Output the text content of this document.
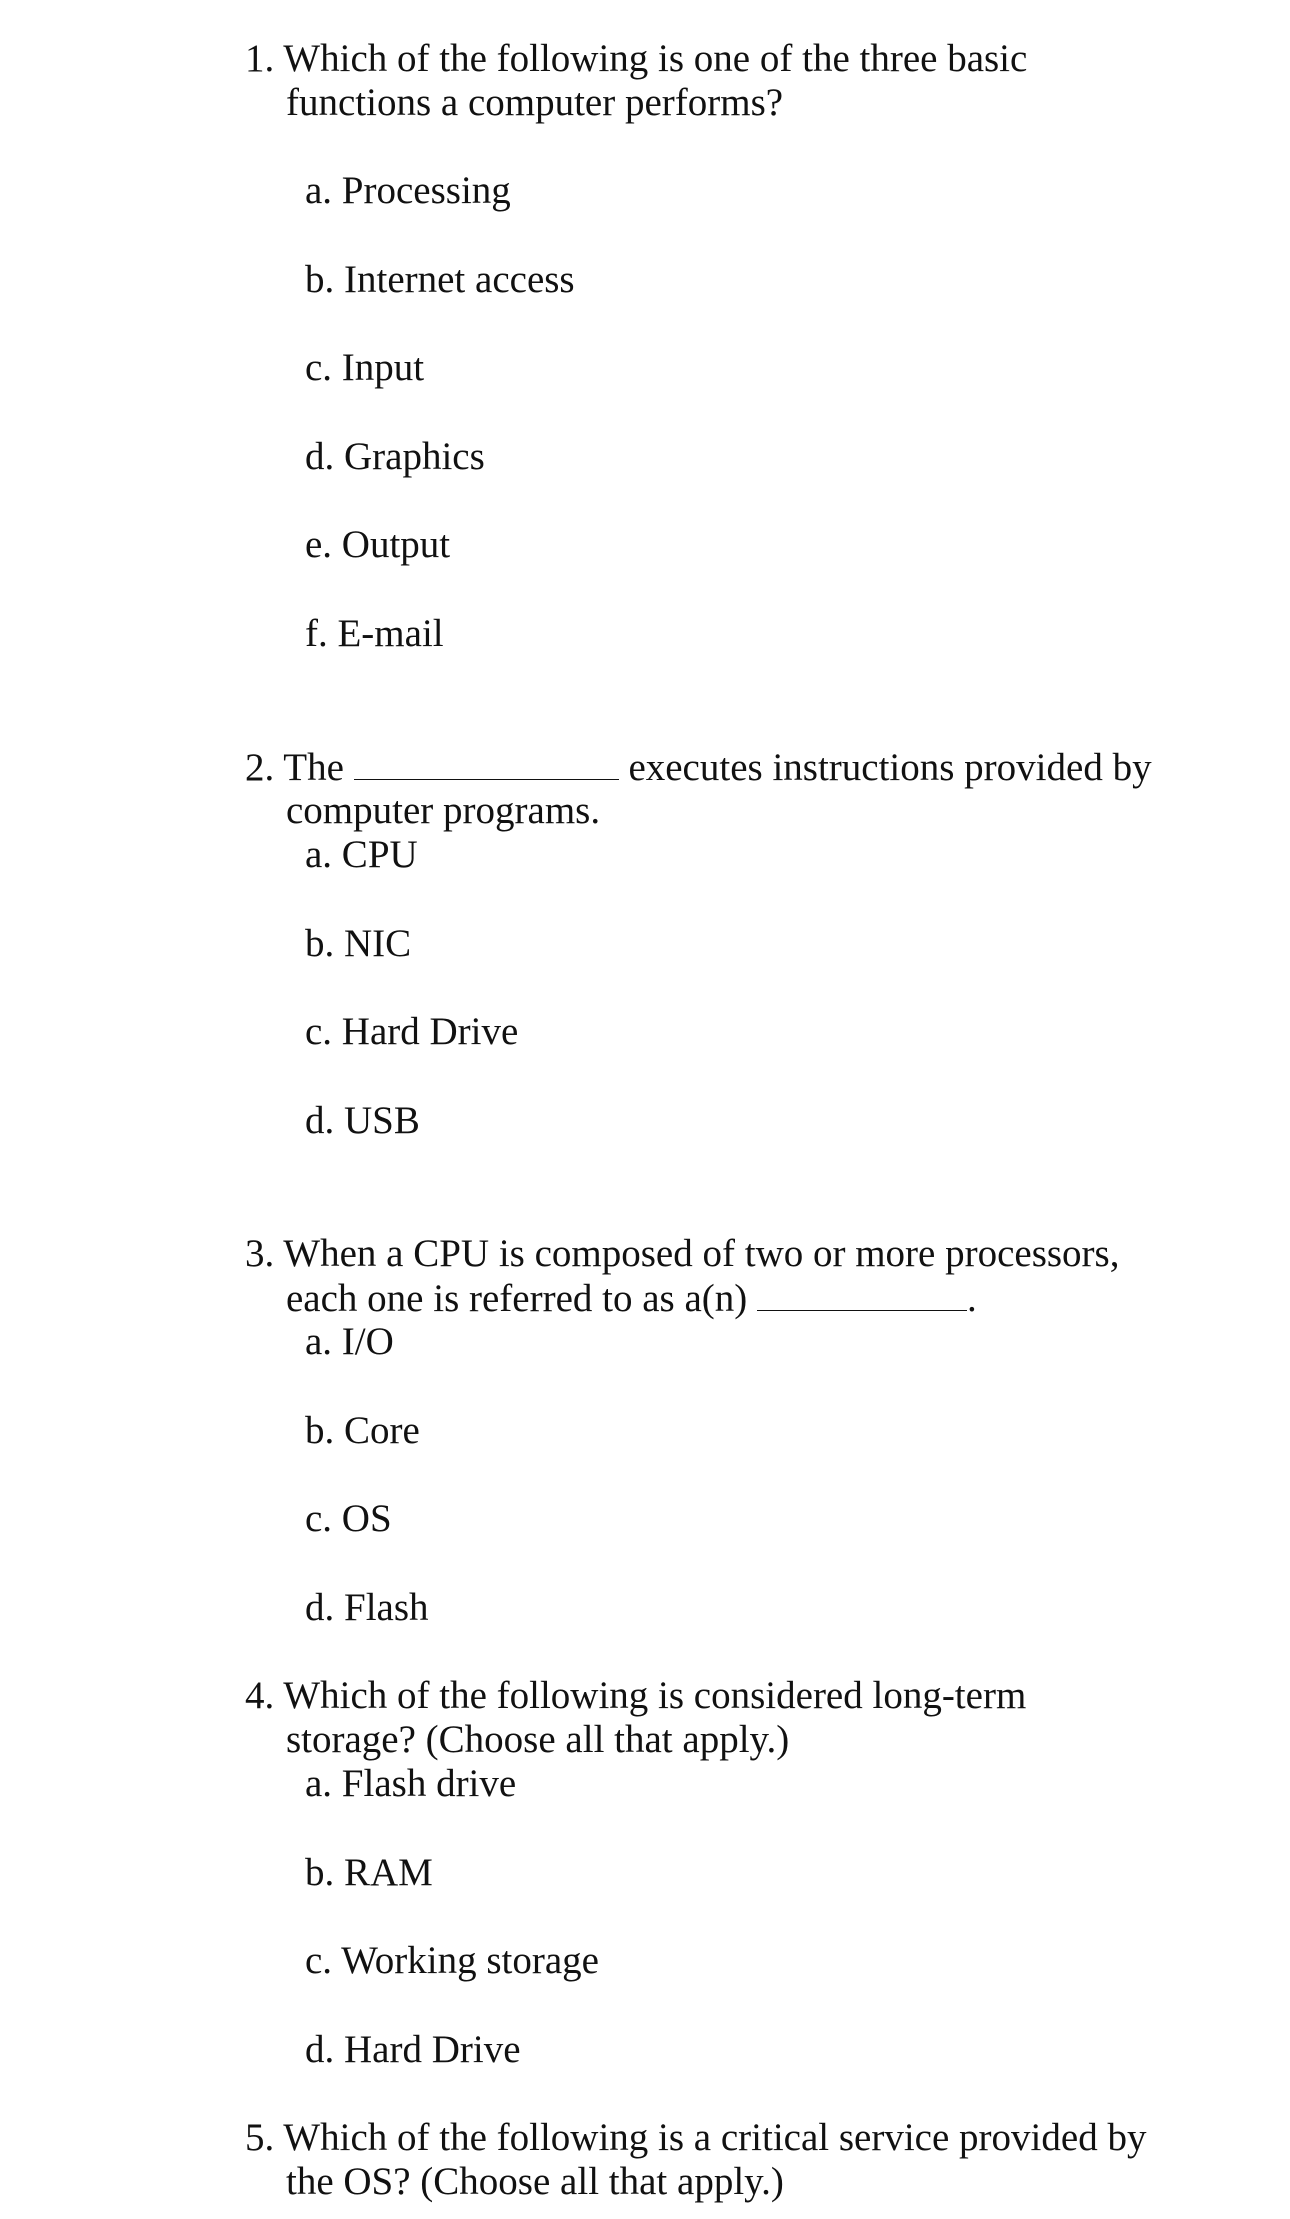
1. Which of the following is one of the three basic
functions a computer performs?
a. Processing
b. Internet access
c. Input
d. Graphics
e. Output
f. E-mail
2. The	executes instructions provided by
computer programs.
a. CPU
b. NIC
c. Hard Drive
d. USB
3. When a CPU is composed of two or more processors,
each one is referred to as a(n)	.
a. I/O
b. Core
c. OS
d. Flash
4. Which of the following is considered long-term
storage? (Choose all that apply.)
a. Flash drive
b. RAM
c. Working storage
d. Hard Drive
5. Which of the following is a critical service provided by
the OS? (Choose all that apply.)
